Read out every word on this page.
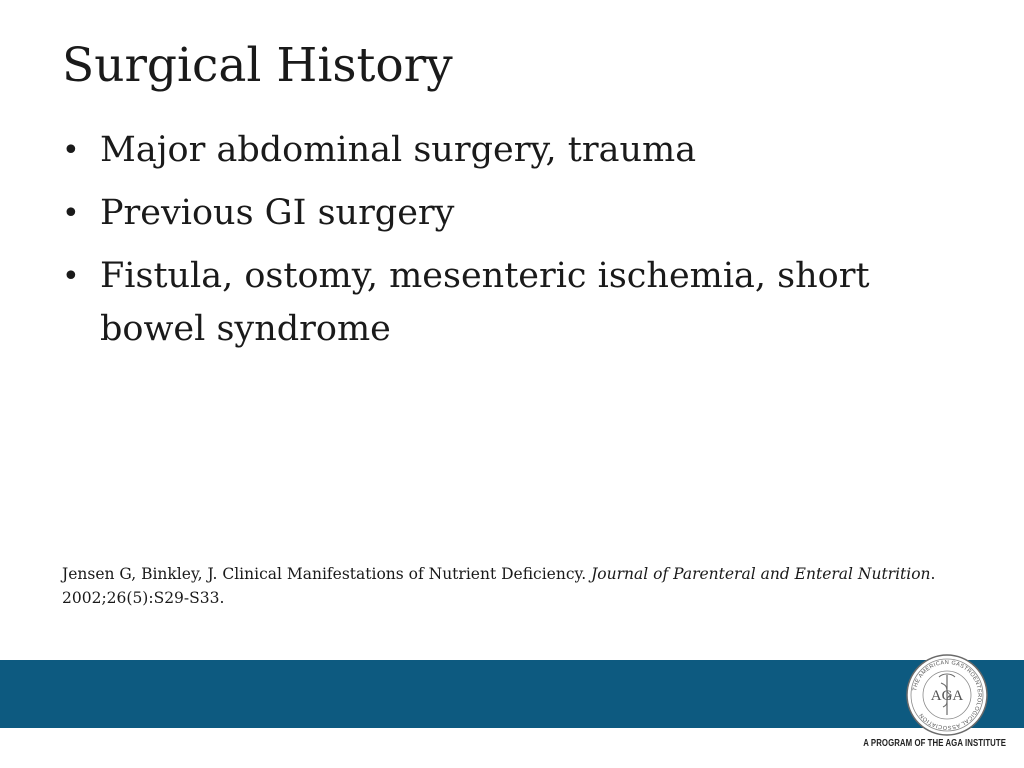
Surgical History
• Major abdominal surgery, trauma
• Previous GI surgery
• Fistula, ostomy, mesenteric ischemia, short bowel syndrome

Jensen G, Binkley, J. Clinical Manifestations of Nutrient Deficiency. Journal of Parenteral and Enteral Nutrition. 2002;26(5):S29-S33.

THE AMERICAN GASTROENTEROLOGICAL ASSOCIATION
AGA

A PROGRAM OF THE AGA INSTITUTE
